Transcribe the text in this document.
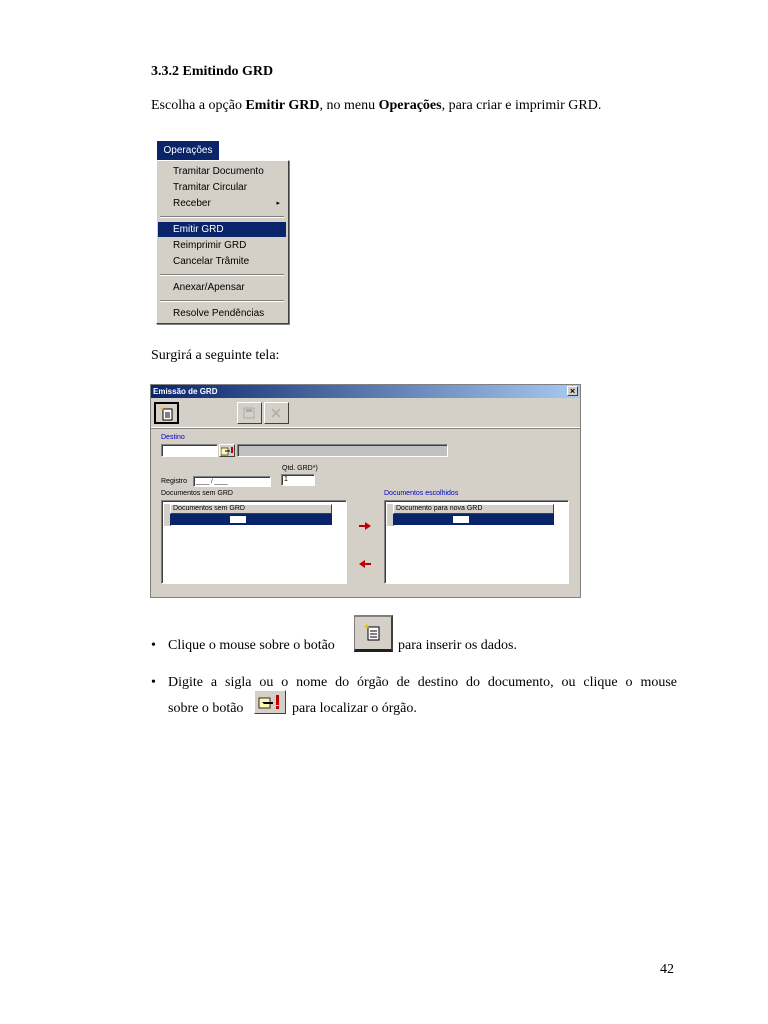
3.3.2 Emitindo GRD
Escolha a opção Emitir GRD, no menu Operações, para criar e imprimir GRD.
Operações
Tramitar Documento
Tramitar Circular
Receber	▸
Emitir GRD
Reimprimir GRD
Cancelar Trâmite
Anexar/Apensar
Resolve Pendências
Surgirá a seguinte tela:
Emissão de GRD	×
Destino
Qtd. GRD*)
1
Registro	____ / ____
Documentos sem GRD
Documentos sem GRD
Documentos escolhidos
Documento para nova GRD
• Clique o mouse sobre o botão	para inserir os dados.
• Digite a sigla ou o nome do órgão de destino do documento, ou clique o mouse
sobre o botão	para localizar o órgão.
42
